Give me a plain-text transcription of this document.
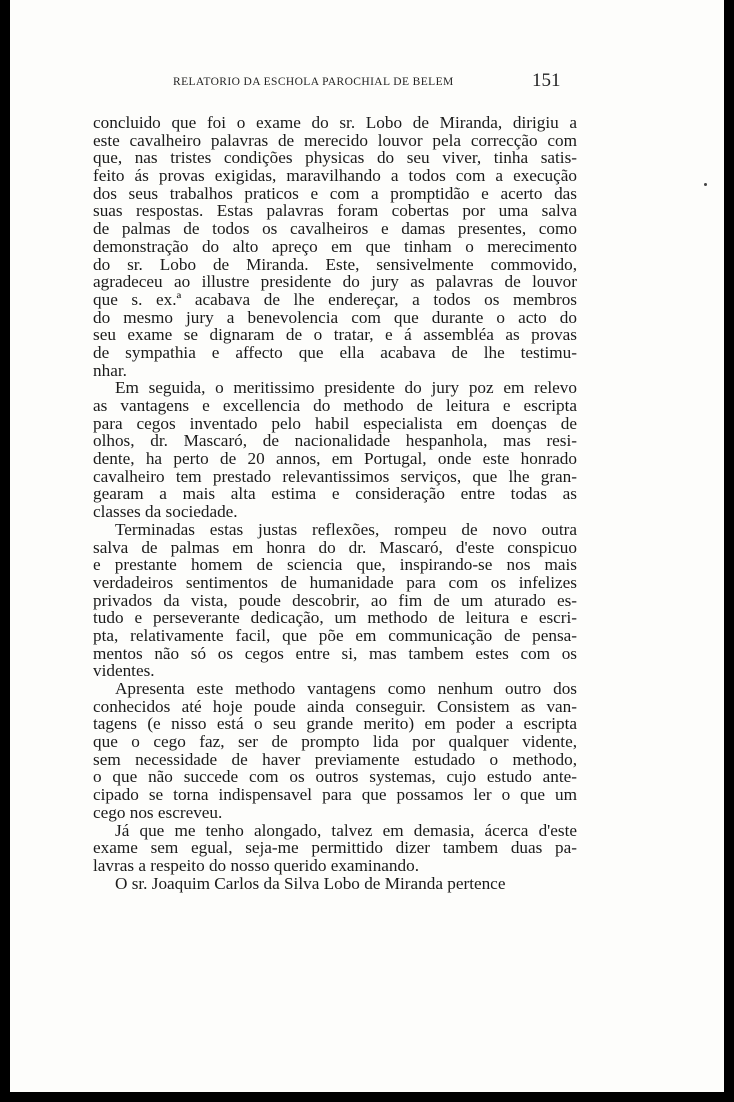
RELATORIO DA ESCHOLA PAROCHIAL DE BELEM	151
concluido que foi o exame do sr. Lobo de Miranda, dirigiu a
este cavalheiro palavras de merecido louvor pela correcção com
que, nas tristes condições physicas do seu viver, tinha satis-
feito ás provas exigidas, maravilhando a todos com a execução
dos seus trabalhos praticos e com a promptidão e acerto das
suas respostas. Estas palavras foram cobertas por uma salva
de palmas de todos os cavalheiros e damas presentes, como
demonstração do alto apreço em que tinham o merecimento
do sr. Lobo de Miranda. Este, sensivelmente commovido,
agradeceu ao illustre presidente do jury as palavras de louvor
que s. ex.ª acabava de lhe endereçar, a todos os membros
do mesmo jury a benevolencia com que durante o acto do
seu exame se dignaram de o tratar, e á assembléa as provas
de sympathia e affecto que ella acabava de lhe testimu-
nhar.
Em seguida, o meritissimo presidente do jury poz em relevo
as vantagens e excellencia do methodo de leitura e escripta
para cegos inventado pelo habil especialista em doenças de
olhos, dr. Mascaró, de nacionalidade hespanhola, mas resi-
dente, ha perto de 20 annos, em Portugal, onde este honrado
cavalheiro tem prestado relevantissimos serviços, que lhe gran-
gearam a mais alta estima e consideração entre todas as
classes da sociedade.
Terminadas estas justas reflexões, rompeu de novo outra
salva de palmas em honra do dr. Mascaró, d'este conspicuo
e prestante homem de sciencia que, inspirando-se nos mais
verdadeiros sentimentos de humanidade para com os infelizes
privados da vista, poude descobrir, ao fim de um aturado es-
tudo e perseverante dedicação, um methodo de leitura e escri-
pta, relativamente facil, que põe em communicação de pensa-
mentos não só os cegos entre si, mas tambem estes com os
videntes.
Apresenta este methodo vantagens como nenhum outro dos
conhecidos até hoje poude ainda conseguir. Consistem as van-
tagens (e nisso está o seu grande merito) em poder a escripta
que o cego faz, ser de prompto lida por qualquer vidente,
sem necessidade de haver previamente estudado o methodo,
o que não succede com os outros systemas, cujo estudo ante-
cipado se torna indispensavel para que possamos ler o que um
cego nos escreveu.
Já que me tenho alongado, talvez em demasia, ácerca d'este
exame sem egual, seja-me permittido dizer tambem duas pa-
lavras a respeito do nosso querido examinando.
O sr. Joaquim Carlos da Silva Lobo de Miranda pertence
